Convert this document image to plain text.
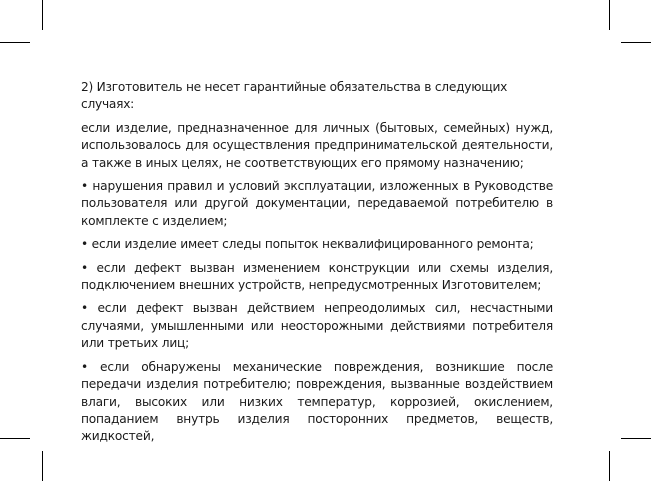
2) Изготовитель не несет гарантийные обязательства в следующих случаях:

если изделие, предназначенное для личных (бытовых, семейных) нужд, использовалось для осуществления предпринимательской деятельности, а также в иных целях, не соответствующих его прямому назначению;

• нарушения правил и условий эксплуатации, изложенных в Руководстве пользователя или другой документации, передаваемой потребителю в комплекте с изделием;

• если изделие имеет следы попыток неквалифицированного ремонта;

• если дефект вызван изменением конструкции или схемы изделия, подключением внешних устройств, непредусмотренных Изготовителем;

• если дефект вызван действием непреодолимых сил, несчастными случаями, умышленными или неосторожными действиями потребителя или третьих лиц;

• если обнаружены механические повреждения, возникшие после передачи изделия потребителю; повреждения, вызванные воздействием влаги, высоких или низких температур, коррозией, окислением, попаданием внутрь изделия посторонних предметов, веществ, жидкостей,
